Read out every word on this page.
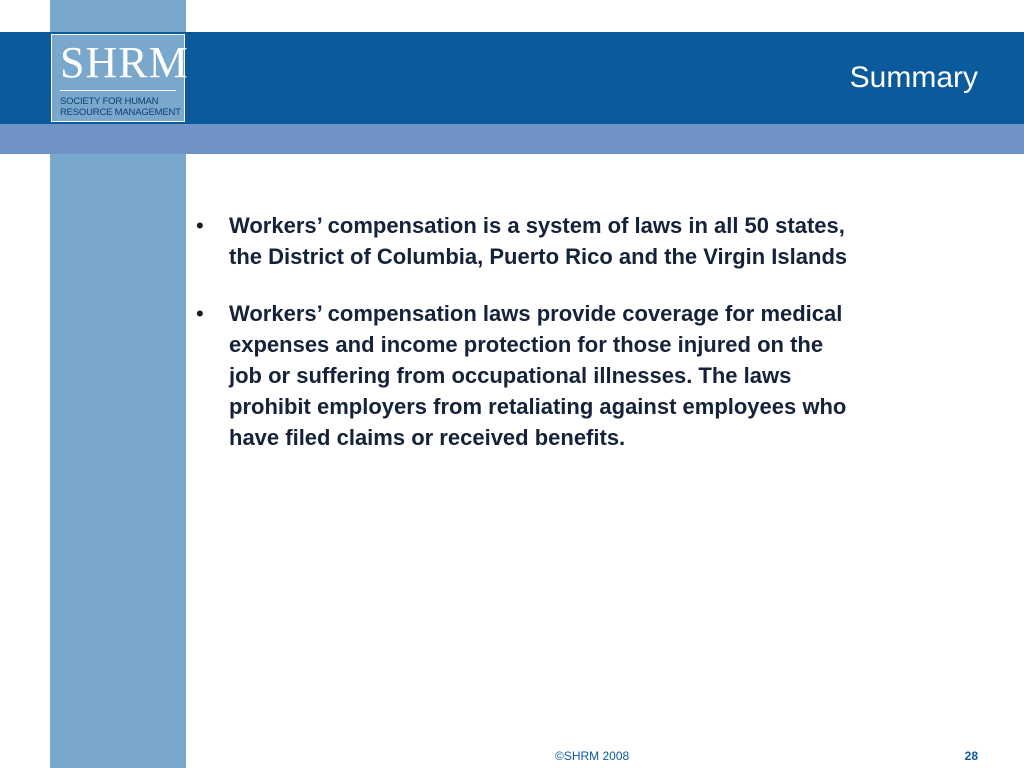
SHRM
SOCIETY FOR HUMAN
RESOURCE MANAGEMENT
™
Summary
• Workers’ compensation is a system of laws in all 50 states,
the District of Columbia, Puerto Rico and the Virgin Islands
• Workers’ compensation laws provide coverage for medical
expenses and income protection for those injured on the
job or suffering from occupational illnesses. The laws
prohibit employers from retaliating against employees who
have filed claims or received benefits.
©SHRM 2008	28
